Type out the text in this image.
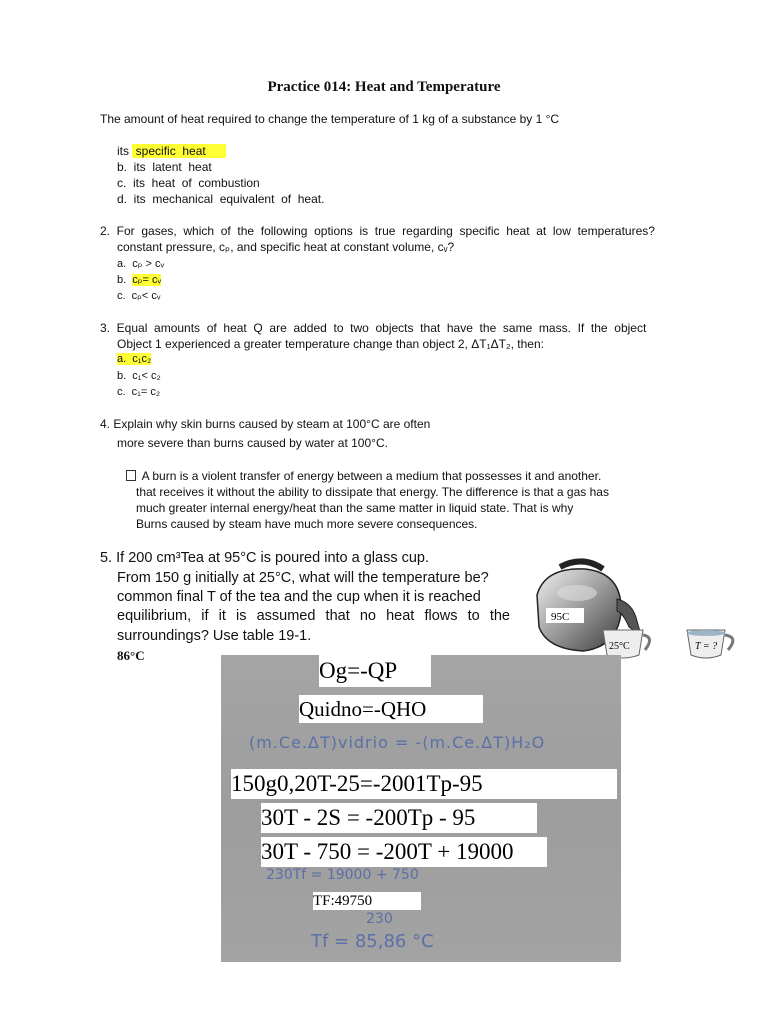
Practice 014: Heat and Temperature
The amount of heat required to change the temperature of 1 kg of a substance by 1 °C
its  specific  heat
b.  its  latent  heat
c.  its  heat  of  combustion
d.  its  mechanical  equivalent  of  heat.
2.  For  gases,  which  of  the  following  options  is  true  regarding  specific  heat  at  low  temperatures?
constant pressure, cₚ, and specific heat at constant volume, cᵥ?
a.  cₚ > cᵥ
b.  cₚ= cᵥ
c.  cₚ< cᵥ
3.  Equal  amounts  of  heat  Q  are  added  to  two  objects  that  have  the  same  mass.  If  the  object
Object 1 experienced a greater temperature change than object 2, ΔT₁ΔT₂, then:
a.  c₁c₂
b.  c₁< c₂
c.  c₁= c₂
4. Explain why skin burns caused by steam at 100°C are often
more severe than burns caused by water at 100°C.
A burn is a violent transfer of energy between a medium that possesses it and another.
that receives it without the ability to dissipate that energy. The difference is that a gas has
much greater internal energy/heat than the same matter in liquid state. That is why
Burns caused by steam have much more severe consequences.
5. If 200 cm³Tea at 95°C is poured into a glass cup.
From 150 g initially at 25°C, what will the temperature be?
common final T of the tea and the cup when it is reached
equilibrium, if it is assumed that no heat flows to the
surroundings? Use table 19-1.
86°C
95C
25°C	T = ?
Og=-QP
Quidno=-QHO
(m.Ce.ΔT)vidrio = -(m.Ce.ΔT)H₂O
150g0,20T-25=-2001Tp-95
30T - 2S = -200Tp - 95
30T - 750 = -200T + 19000
230Tf = 19000 + 750
TF:49750
230
Tf = 85,86 °C
